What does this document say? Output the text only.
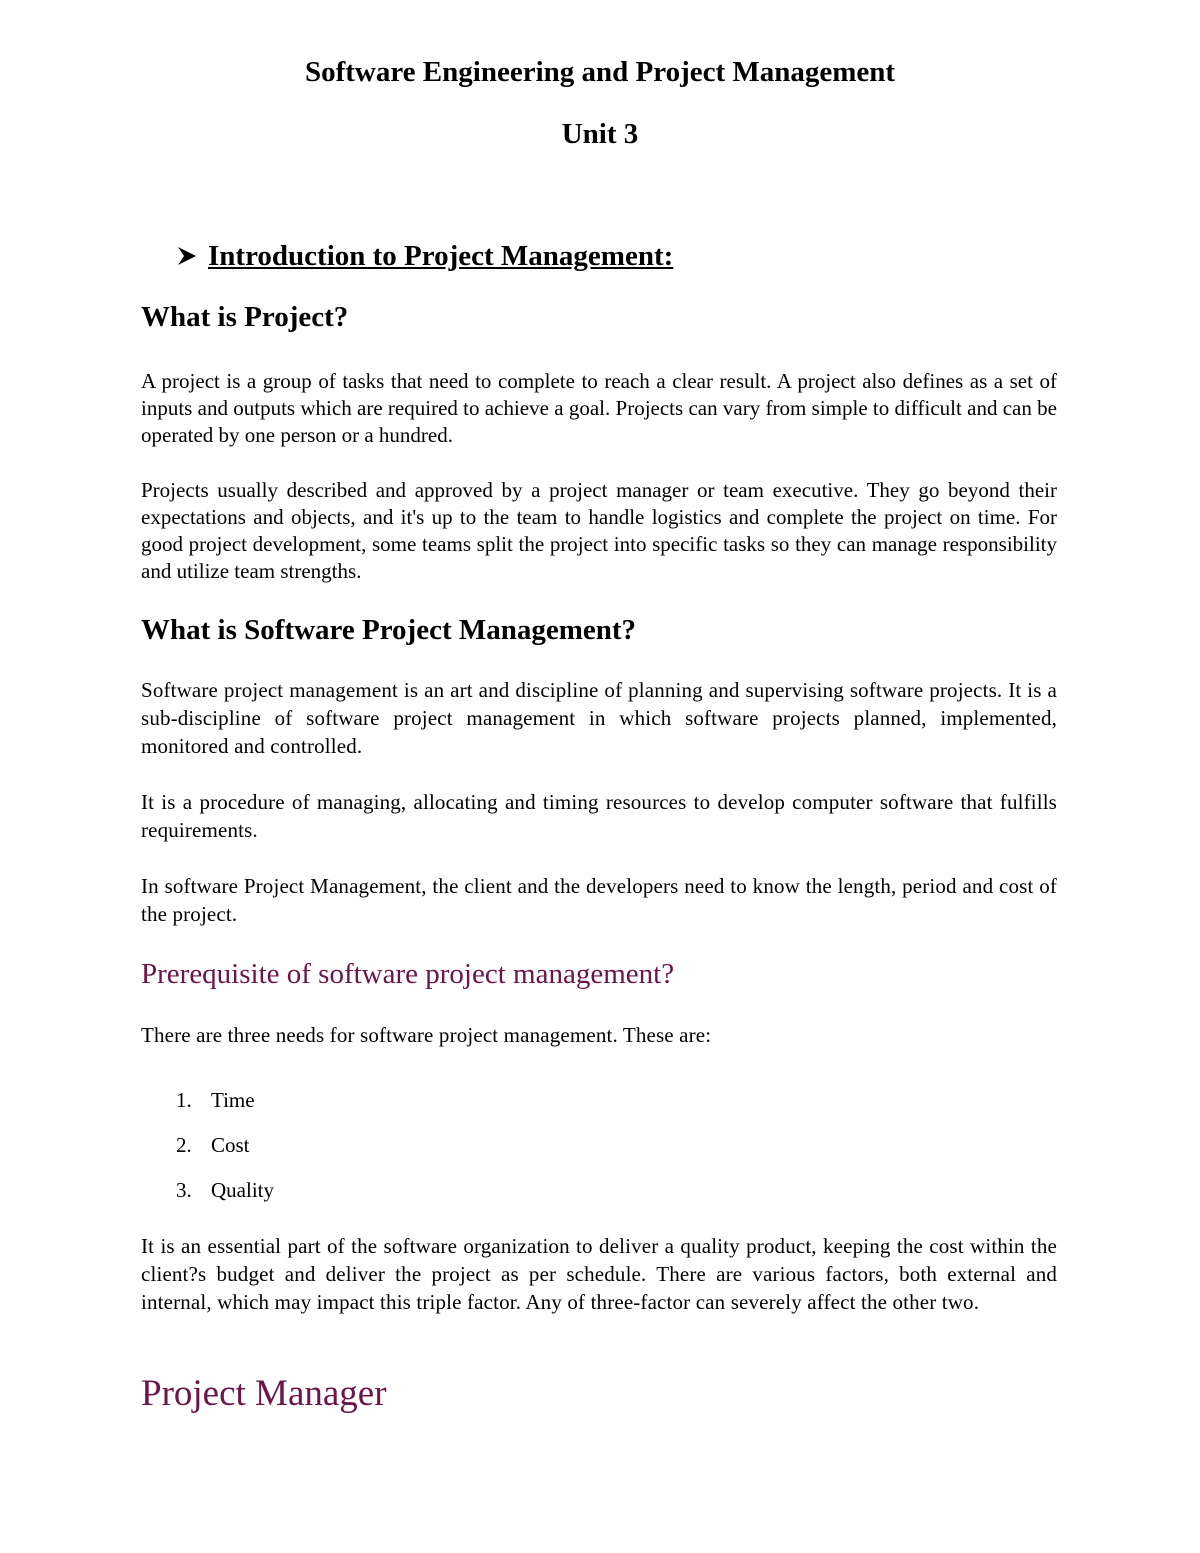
Software Engineering and Project Management
Unit 3
Introduction to Project Management:
What is Project?

A project is a group of tasks that need to complete to reach a clear result. A project also defines as a set of inputs and outputs which are required to achieve a goal. Projects can vary from simple to difficult and can be operated by one person or a hundred.

Projects usually described and approved by a project manager or team executive. They go beyond their expectations and objects, and it's up to the team to handle logistics and complete the project on time. For good project development, some teams split the project into specific tasks so they can manage responsibility and utilize team strengths.

What is Software Project Management?

Software project management is an art and discipline of planning and supervising software projects. It is a sub-discipline of software project management in which software projects planned, implemented, monitored and controlled.

It is a procedure of managing, allocating and timing resources to develop computer software that fulfills requirements.

In software Project Management, the client and the developers need to know the length, period and cost of the project.

Prerequisite of software project management?

There are three needs for software project management. These are:

1. Time
2. Cost
3. Quality

It is an essential part of the software organization to deliver a quality product, keeping the cost within the client?s budget and deliver the project as per schedule. There are various factors, both external and internal, which may impact this triple factor. Any of three-factor can severely affect the other two.

Project Manager
